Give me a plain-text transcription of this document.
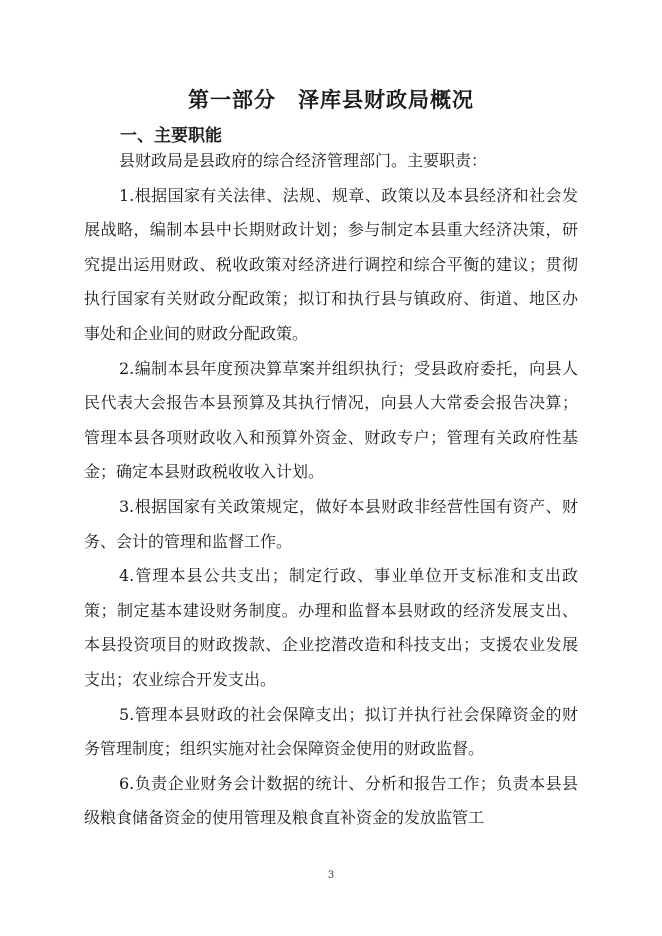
第一部分　泽库县财政局概况
一、主要职能

县财政局是县政府的综合经济管理部门。主要职责：

1.根据国家有关法律、法规、规章、政策以及本县经济和社会发展战略，编制本县中长期财政计划；参与制定本县重大经济决策，研究提出运用财政、税收政策对经济进行调控和综合平衡的建议；贯彻执行国家有关财政分配政策；拟订和执行县与镇政府、街道、地区办事处和企业间的财政分配政策。

2.编制本县年度预决算草案并组织执行；受县政府委托，向县人民代表大会报告本县预算及其执行情况，向县人大常委会报告决算；管理本县各项财政收入和预算外资金、财政专户；管理有关政府性基金；确定本县财政税收收入计划。

3.根据国家有关政策规定，做好本县财政非经营性国有资产、财务、会计的管理和监督工作。

4.管理本县公共支出；制定行政、事业单位开支标准和支出政策；制定基本建设财务制度。办理和监督本县财政的经济发展支出、本县投资项目的财政拨款、企业挖潜改造和科技支出；支援农业发展支出；农业综合开发支出。

5.管理本县财政的社会保障支出；拟订并执行社会保障资金的财务管理制度；组织实施对社会保障资金使用的财政监督。

6.负责企业财务会计数据的统计、分析和报告工作；负责本县县级粮食储备资金的使用管理及粮食直补资金的发放监管工

3
